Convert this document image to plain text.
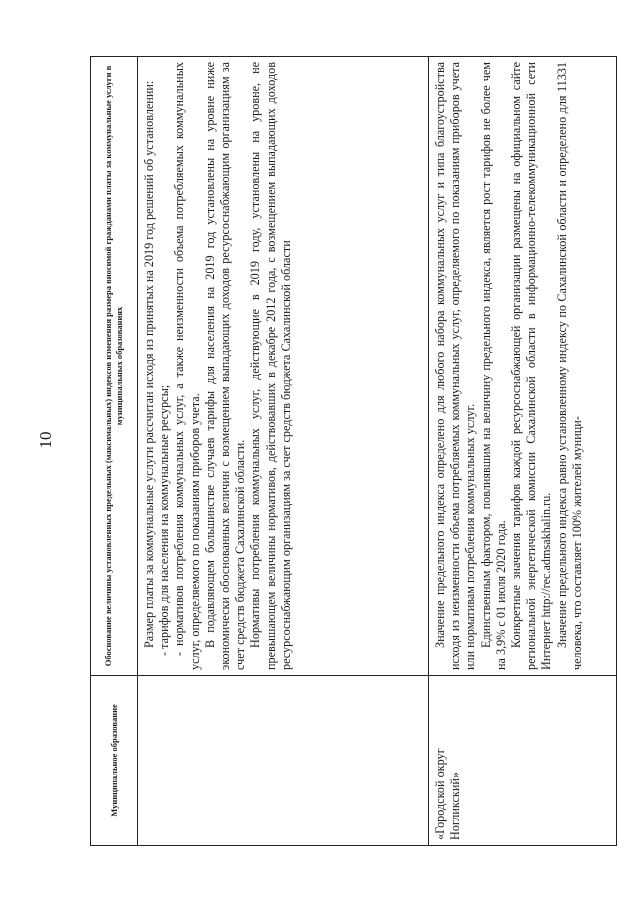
10
Муниципальное образование	Обоснование величины установленных предельных (максимальных) индексов изменения размера вносимой гражданами платы за коммунальные услуги в муниципальных образованиях

	Размер платы за коммунальные услуги рассчитан исходя из принятых на 2019 год решений об установлении: - тарифов для населения на коммунальные ресурсы; - нормативов потребления коммунальных услуг, а также неизменности объема потребляемых коммунальных услуг, определяемого по показаниям приборов учета. В подавляющем большинстве случаев тарифы для населения на 2019 год установлены на уровне ниже экономически обоснованных величин с возмещением выпадающих доходов ресурсоснабжающим организациям за счет средств бюджета Сахалинской области. Нормативы потребления коммунальных услуг, действующие в 2019 году, установлены на уровне, не превышающем величины нормативов, действовавших в декабре 2012 года, с возмещением выпадающих доходов ресурсоснабжающим организациям за счет средств бюджета Сахалинской области

«Городской округ Ногликский»	Значение предельного индекса определено для любого набора коммунальных услуг и типа благоустройства исходя из неизменности объема потребляемых коммунальных услуг, определяемого по показаниям приборов учета или нормативам потребления коммунальных услуг. Единственным фактором, повлиявшим на величину предельного индекса, является рост тарифов не более чем на 3,9% с 01 июля 2020 года. Конкретные значения тарифов каждой ресурсоснабжающей организации размещены на официальном сайте региональной энергетической комиссии Сахалинской области в информационно-телекоммуникационной сети Интернет http://rec.admsakhalin.ru. Значение предельного индекса равно установленному индексу по Сахалинской области и определено для 11331 человека, что составляет 100% жителей муници-
